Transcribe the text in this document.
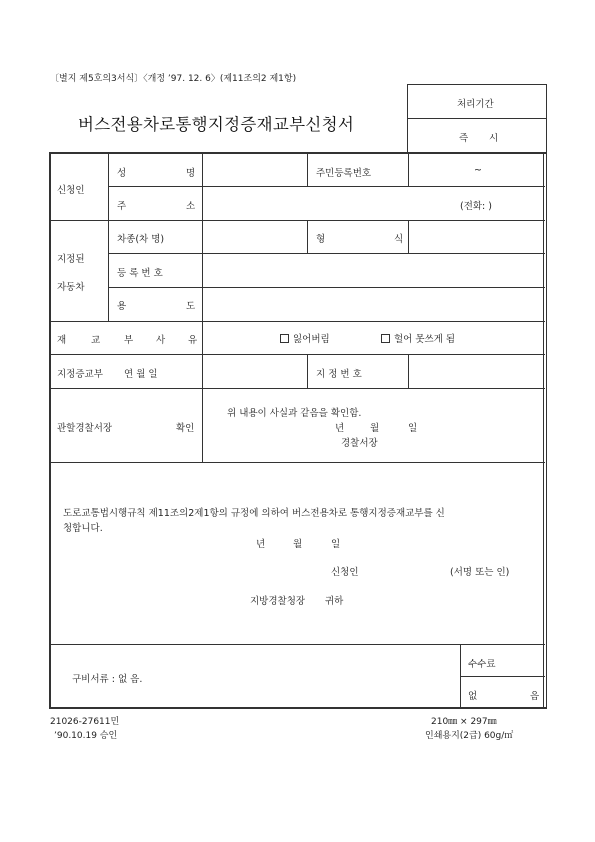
〔별지 제5호의3서식〕〈개정 ’97. 12. 6〉(제11조의2 제1항)
버스전용차로통행지정증재교부신청서
처리기간
즉 시
신청인
성	명	주민등록번호	~
주	소	(전화: )
지정된
자동차
차종(차 명)	형	식
등 록 번 호
용	도
재	교	부 사 유	잃어버림	헐어 못쓰게 됨
지정증교부 연 월 일	지 정 번 호
관할경찰서장	확인
위 내용이 사실과 같음을 확인함.
년	월	일
경찰서장
도로교통법시행규칙 제11조의2제1항의 규정에 의하여 버스전용차로 통행지정증재교부를 신
청합니다.
년	월	일
신청인	(서명 또는 인)
지방경찰청장 귀하
구비서류 : 없 음.
수수료
없	음
21026-27611민
’90.10.19 승인
210㎜ × 297㎜
인쇄용지(2급) 60g/㎡
